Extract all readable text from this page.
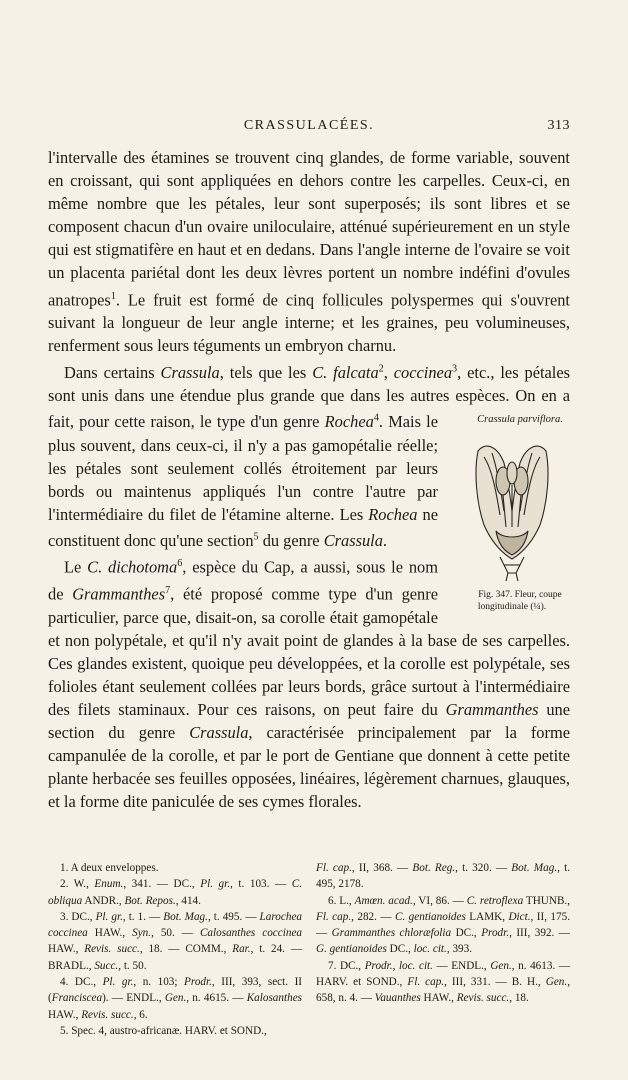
CRASSULACÉES.	313

l'intervalle des étamines se trouvent cinq glandes, de forme variable, souvent en croissant, qui sont appliquées en dehors contre les carpelles. Ceux-ci, en même nombre que les pétales, leur sont superposés; ils sont libres et se composent chacun d'un ovaire uniloculaire, atténué supérieurement en un style qui est stigmatifère en haut et en dedans. Dans l'angle interne de l'ovaire se voit un placenta pariétal dont les deux lèvres portent un nombre indéfini d'ovules anatropes$^1$. Le fruit est formé de cinq follicules polyspermes qui s'ouvrent suivant la longueur de leur angle interne; et les graines, peu volumineuses, renferment sous leurs téguments un embryon charnu.

Dans certains Crassula, tels que les C. falcata$^2$, coccinea$^3$, etc., les pétales sont unis dans une étendue plus grande que dans les autres espèces.
Crassula parviflora.
Fig. 347. Fleur, coupe longitudinale (¼).
On en a fait, pour cette raison, le type d'un genre Rochea$^4$. Mais le plus souvent, dans ceux-ci, il n'y a pas gamopétalie réelle; les pétales sont seulement collés étroitement par leurs bords ou maintenus appliqués l'un contre l'autre par l'intermédiaire du filet de l'étamine alterne. Les Rochea ne constituent donc qu'une section$^5$ du genre Crassula.

Le C. dichotoma$^6$, espèce du Cap, a aussi, sous le nom de Grammanthes$^7$, été proposé comme type d'un genre particulier, parce que, disait-on, sa corolle était gamopétale et non polypétale, et qu'il n'y avait point de glandes à la base de ses carpelles. Ces glandes existent, quoique peu développées, et la corolle est polypétale, ses folioles étant seulement collées par leurs bords, grâce surtout à l'intermédiaire des filets staminaux. Pour ces raisons, on peut faire du Grammanthes une section du genre Crassula, caractérisée principalement par la forme campanulée de la corolle, et par le port de Gentiane que donnent à cette petite plante herbacée ses feuilles opposées, linéaires, légèrement charnues, glauques, et la forme dite paniculée de ses cymes florales.

1. A deux enveloppes.

2. W., Enum., 341. — DC., Pl. gr., t. 103. — C. obliqua ANDR., Bot. Repos., 414.

3. DC., Pl. gr., t. 1. — Bot. Mag., t. 495. — Larochea coccinea HAW., Syn., 50. — Calosanthes coccinea HAW., Revis. succ., 18. — COMM., Rar., t. 24. — BRADL., Succ., t. 50.

4. DC., Pl. gr., n. 103; Prodr., III, 393, sect. II (Franciscea). — ENDL., Gen., n. 4615. — Kalosanthes HAW., Revis. succ., 6.

5. Spec. 4, austro-africanæ. HARV. et SOND.,

Fl. cap., II, 368. — Bot. Reg., t. 320. — Bot. Mag., t. 495, 2178.

6. L., Amœn. acad., VI, 86. — C. retroflexa THUNB., Fl. cap., 282. — C. gentianoides LAMK, Dict., II, 175. — Grammanthes chloræfolia DC., Prodr., III, 392. — G. gentianoides DC., loc. cit., 393.

7. DC., Prodr., loc. cit. — ENDL., Gen., n. 4613. — HARV. et SOND., Fl. cap., III, 331. — B. H., Gen., 658, n. 4. — Vauanthes HAW., Revis. succ., 18.
